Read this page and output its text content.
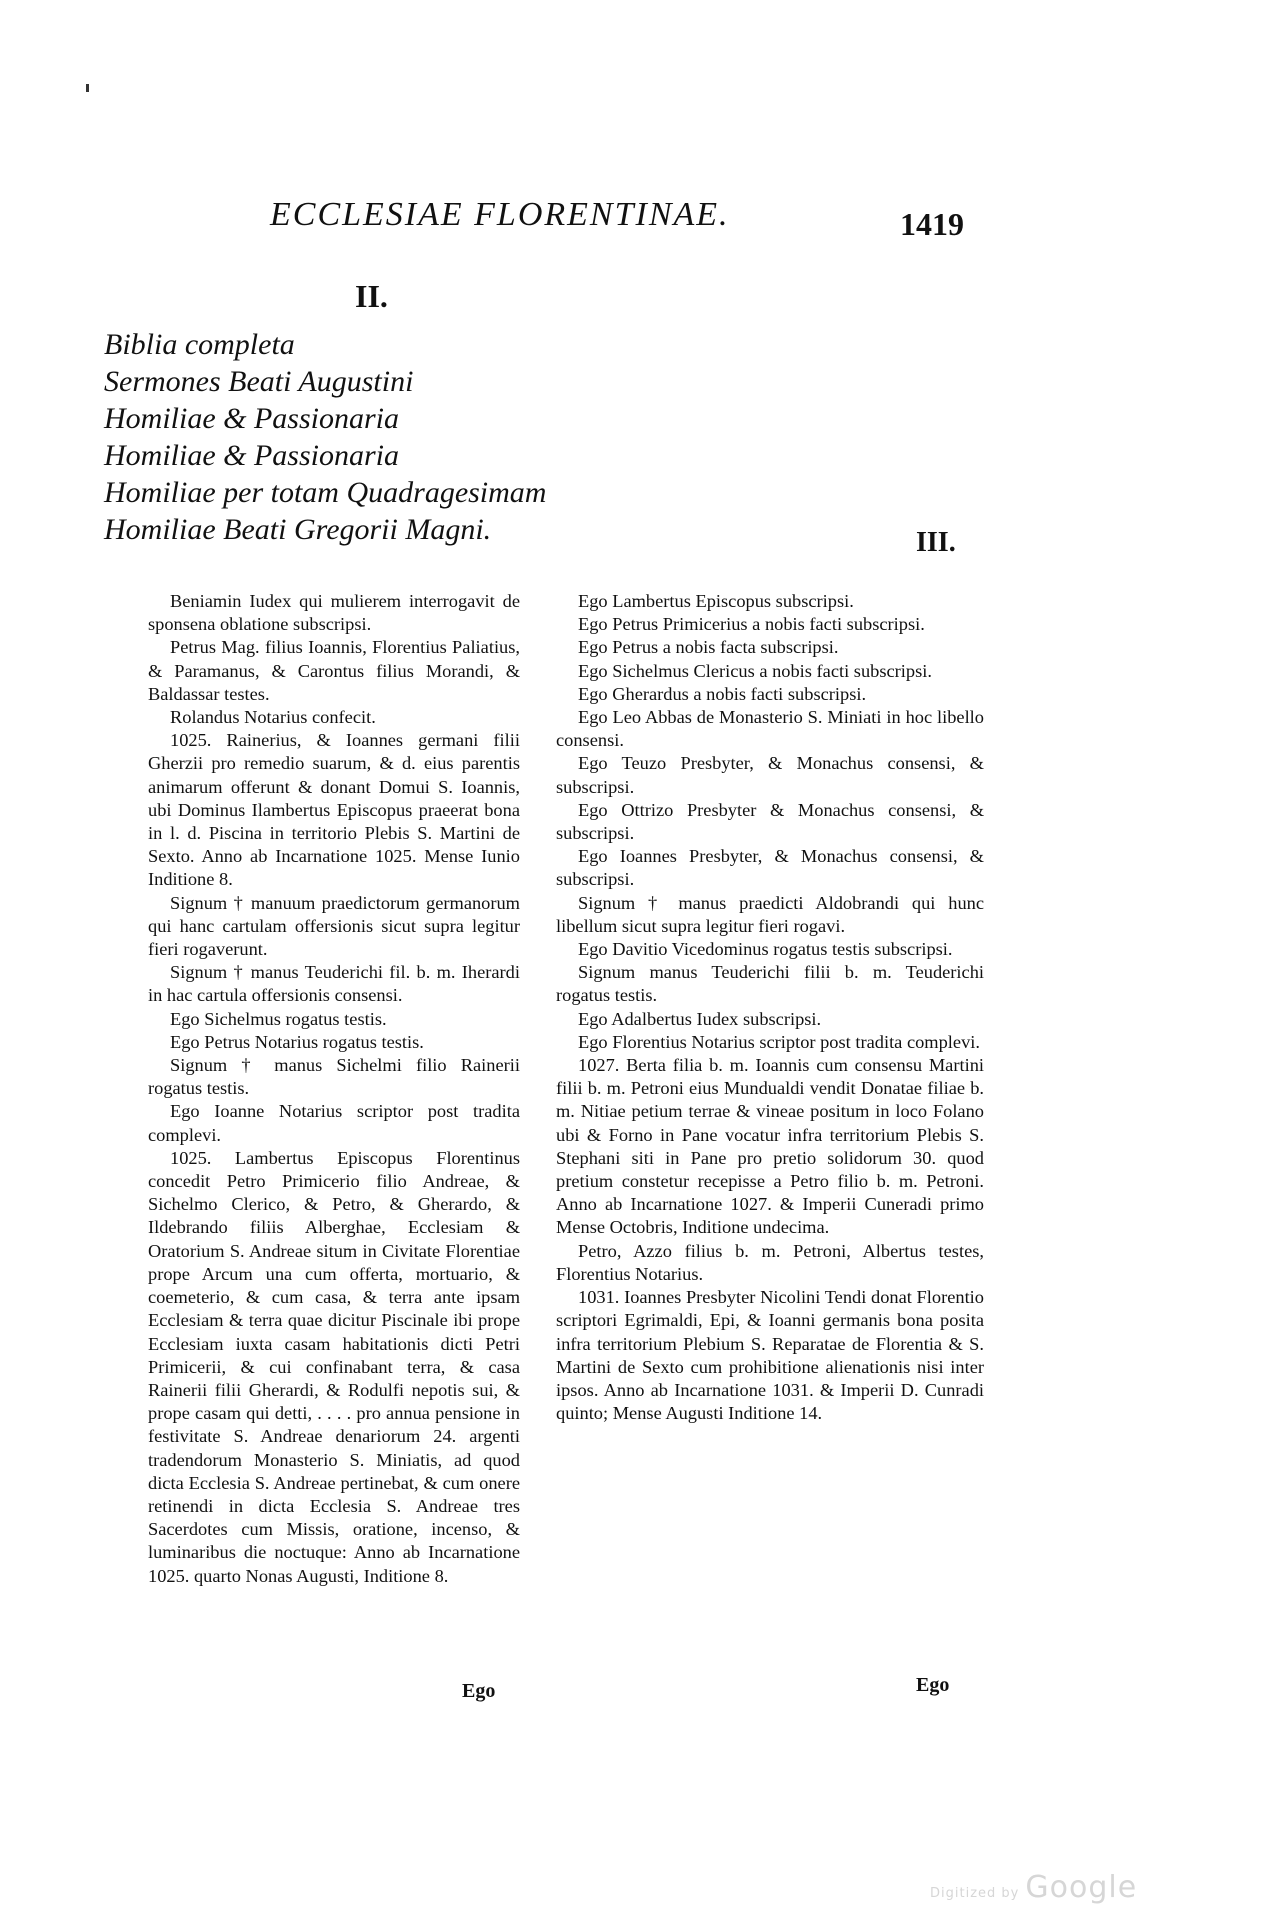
ECCLESIAE FLORENTINAE.	1419
II.
Biblia completa
Sermones Beati Augustini
Homiliae & Passionaria
Homiliae & Passionaria
Homiliae per totam Quadragesimam
Homiliae Beati Gregorii Magni.	III.

Beniamin Iudex qui mulierem interrogavit de sponsena oblatione subscripsi.

Petrus Mag. filius Ioannis, Florentius Paliatius, & Paramanus, & Carontus filius Morandi, & Baldassar testes.

Rolandus Notarius confecit.

1025. Rainerius, & Ioannes germani filii Gherzii pro remedio suarum, & d. eius parentis animarum offerunt & donant Domui S. Ioannis, ubi Dominus Ilambertus Episcopus praeerat bona in l. d. Piscina in territorio Plebis S. Martini de Sexto. Anno ab Incarnatione 1025. Mense Iunio Inditione 8.

Signum † manuum praedictorum germanorum qui hanc cartulam offersionis sicut supra legitur fieri rogaverunt.

Signum † manus Teuderichi fil. b. m. Iherardi in hac cartula offersionis consensi.

Ego Sichelmus rogatus testis.

Ego Petrus Notarius rogatus testis.

Signum † manus Sichelmi filio Rainerii rogatus testis.

Ego Ioanne Notarius scriptor post tradita complevi.

1025. Lambertus Episcopus Florentinus concedit Petro Primicerio filio Andreae, & Sichelmo Clerico, & Petro, & Gherardo, & Ildebrando filiis Alberghae, Ecclesiam & Oratorium S. Andreae situm in Civitate Florentiae prope Arcum una cum offerta, mortuario, & coemeterio, & cum casa, & terra ante ipsam Ecclesiam & terra quae dicitur Piscinale ibi prope Ecclesiam iuxta casam habitationis dicti Petri Primicerii, & cui confinabant terra, & casa Rainerii filii Gherardi, & Rodulfi nepotis sui, & prope casam qui detti, . . . . pro annua pensione in festivitate S. Andreae denariorum 24. argenti tradendorum Monasterio S. Miniatis, ad quod dicta Ecclesia S. Andreae pertinebat, & cum onere retinendi in dicta Ecclesia S. Andreae tres Sacerdotes cum Missis, oratione, incenso, & luminaribus die noctuque: Anno ab Incarnatione 1025. quarto Nonas Augusti, Inditione 8.

Ego Lambertus Episcopus subscripsi.

Ego Petrus Primicerius a nobis facti subscripsi.

Ego Petrus a nobis facta subscripsi.

Ego Sichelmus Clericus a nobis facti subscripsi.

Ego Gherardus a nobis facti subscripsi.

Ego Leo Abbas de Monasterio S. Miniati in hoc libello consensi.

Ego Teuzo Presbyter, & Monachus consensi, & subscripsi.

Ego Ottrizo Presbyter & Monachus consensi, & subscripsi.

Ego Ioannes Presbyter, & Monachus consensi, & subscripsi.

Signum † manus praedicti Aldobrandi qui hunc libellum sicut supra legitur fieri rogavi.

Ego Davitio Vicedominus rogatus testis subscripsi.

Signum manus Teuderichi filii b. m. Teuderichi rogatus testis.

Ego Adalbertus Iudex subscripsi.

Ego Florentius Notarius scriptor post tradita complevi.

1027. Berta filia b. m. Ioannis cum consensu Martini filii b. m. Petroni eius Mundualdi vendit Donatae filiae b. m. Nitiae petium terrae & vineae positum in loco Folano ubi & Forno in Pane vocatur infra territorium Plebis S. Stephani siti in Pane pro pretio solidorum 30. quod pretium constetur recepisse a Petro filio b. m. Petroni. Anno ab Incarnatione 1027. & Imperii Cuneradi primo Mense Octobris, Inditione undecima.

Petro, Azzo filius b. m. Petroni, Albertus testes, Florentius Notarius.

1031. Ioannes Presbyter Nicolini Tendi donat Florentio scriptori Egrimaldi, Epi, & Ioanni germanis bona posita infra territorium Plebium S. Reparatae de Florentia & S. Martini de Sexto cum prohibitione alienationis nisi inter ipsos. Anno ab Incarnatione 1031. & Imperii D. Cunradi quinto; Mense Augusti Inditione 14.

Ego	Ego
Digitized by Google
